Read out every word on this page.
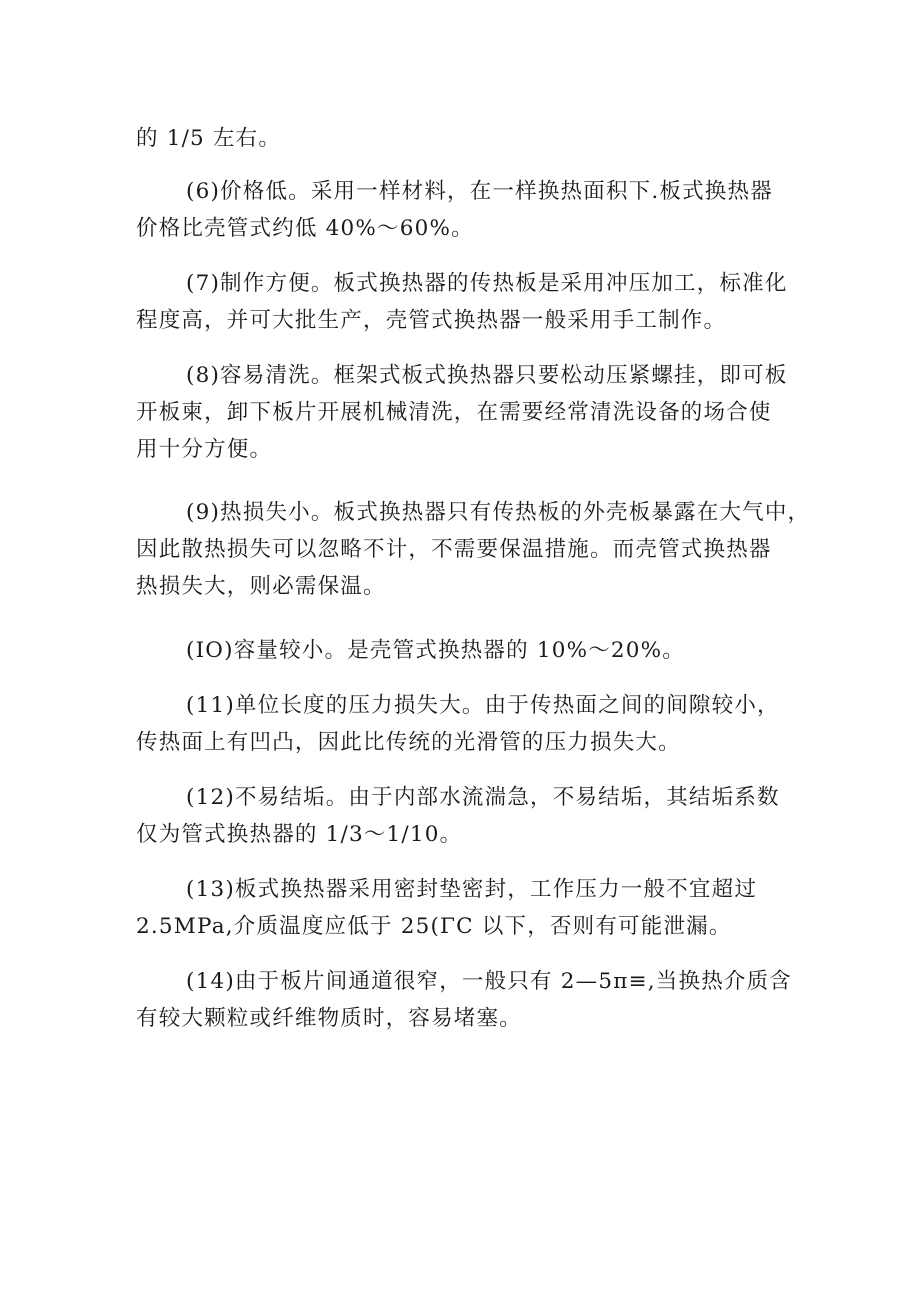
的 1/5 左右。
(6)价格低。采用一样材料，在一样换热面积下.板式换热器
价格比壳管式约低 40%～60%。
(7)制作方便。板式换热器的传热板是采用冲压加工，标准化
程度高，并可大批生产，壳管式换热器一般采用手工制作。
(8)容易清洗。框架式板式换热器只要松动压紧螺挂，即可板
开板柬，卸下板片开展机械清洗，在需要经常清洗设备的场合使
用十分方便。
(9)热损失小。板式换热器只有传热板的外壳板暴露在大气中，
因此散热损失可以忽略不计，不需要保温措施。而壳管式换热器
热损失大，则必需保温。
(IO)容量较小。是壳管式换热器的 10%～20%。
(11)单位长度的压力损失大。由于传热面之间的间隙较小，
传热面上有凹凸，因此比传统的光滑管的压力损失大。
(12)不易结垢。由于内部水流湍急，不易结垢，其结垢系数
仅为管式换热器的 1/3～1/10。
(13)板式换热器采用密封垫密封，工作压力一般不宜超过
2.5MPa,介质温度应低于 25(ΓC 以下，否则有可能泄漏。
(14)由于板片间通道很窄，一般只有 2—5π≡,当换热介质含
有较大颗粒或纤维物质时，容易堵塞。
